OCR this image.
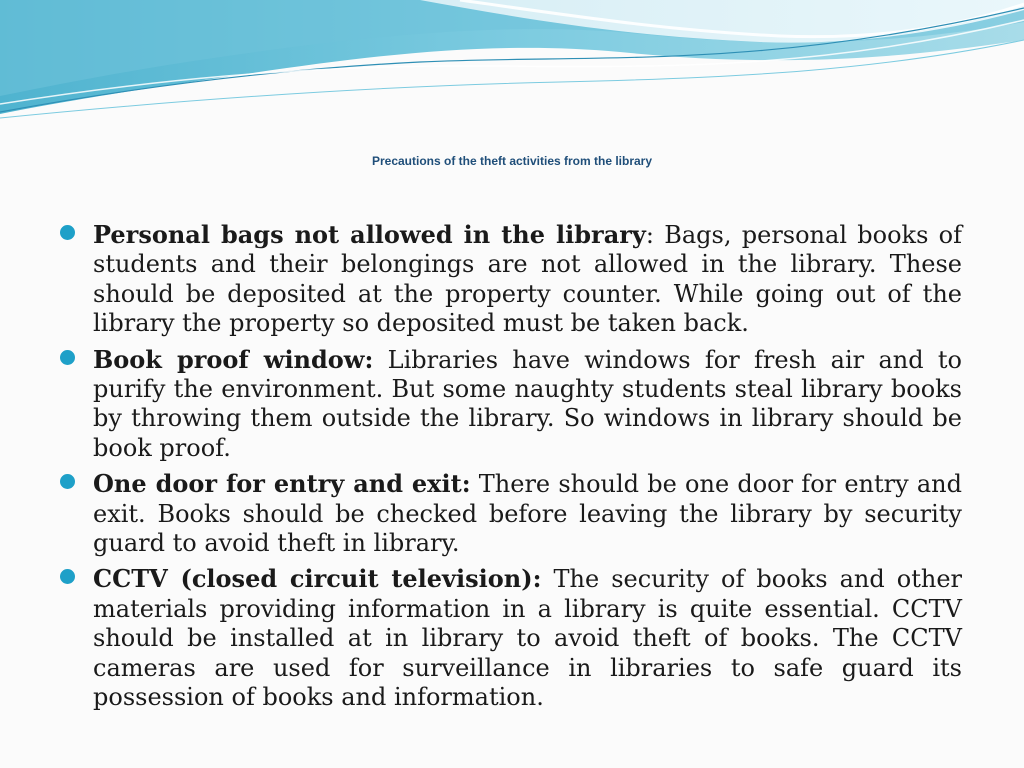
Precautions of the theft activities from the library
Personal bags not allowed in the library: Bags, personal books of students and their belongings are not allowed in the library. These should be deposited at the property counter. While going out of the library the property so deposited must be taken back.
Book proof window: Libraries have windows for fresh air and to purify the environment. But some naughty students steal library books by throwing them outside the library. So windows in library should be book proof.
One door for entry and exit: There should be one door for entry and exit. Books should be checked before leaving the library by security guard to avoid theft in library.
CCTV (closed circuit television): The security of books and other materials providing information in a library is quite essential. CCTV should be installed at in library to avoid theft of books. The CCTV cameras are used for surveillance in libraries to safe guard its possession of books and information.
